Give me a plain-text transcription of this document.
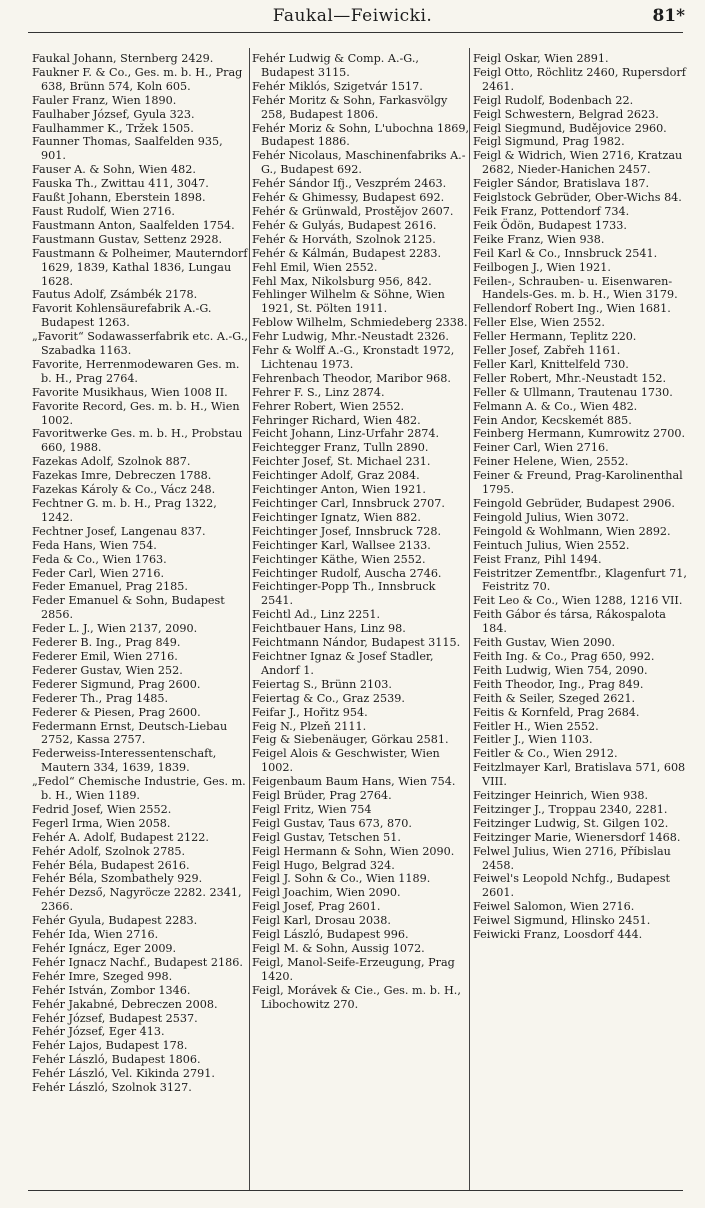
Faukal—Feiwicki.	81*

Faukal Johann, Sternberg 2429.

Faukner F. & Co., Ges. m. b. H., Prag 638, Brünn 574, Koln 605.

Fauler Franz, Wien 1890.

Faulhaber József, Gyula 323.

Faulhammer K., Tržek 1505.

Faunner Thomas, Saalfelden 935, 901.

Fauser A. & Sohn, Wien 482.

Fauska Th., Zwittau 411, 3047.

Faußt Johann, Eberstein 1898.

Faust Rudolf, Wien 2716.

Faustmann Anton, Saalfelden 1754.

Faustmann Gustav, Settenz 2928.

Faustmann & Polheimer, Mauterndorf 1629, 1839, Kathal 1836, Lungau 1628.

Fautus Adolf, Zsámbék 2178.

Favorit Kohlensäurefabrik A.-G. Budapest 1263.

„Favorit“ Sodawasserfabrik etc. A.-G., Szabadka 1163.

Favorite, Herrenmodewaren Ges. m. b. H., Prag 2764.

Favorite Musikhaus, Wien 1008 II.

Favorite Record, Ges. m. b. H., Wien 1002.

Favoritwerke Ges. m. b. H., Probstau 660, 1988.

Fazekas Adolf, Szolnok 887.

Fazekas Imre, Debreczen 1788.

Fazekas Károly & Co., Vácz 248.

Fechtner G. m. b. H., Prag 1322, 1242.

Fechtner Josef, Langenau 837.

Feda Hans, Wien 754.

Feda & Co., Wien 1763.

Feder Carl, Wien 2716.

Feder Emanuel, Prag 2185.

Feder Emanuel & Sohn, Budapest 2856.

Feder L. J., Wien 2137, 2090.

Federer B. Ing., Prag 849.

Federer Emil, Wien 2716.

Federer Gustav, Wien 252.

Federer Sigmund, Prag 2600.

Federer Th., Prag 1485.

Federer & Piesen, Prag 2600.

Federmann Ernst, Deutsch-Liebau 2752, Kassa 2757.

Federweiss-Interessentenschaft, Mautern 334, 1639, 1839.

„Fedol“ Chemische Industrie, Ges. m. b. H., Wien 1189.

Fedrid Josef, Wien 2552.

Fegerl Irma, Wien 2058.

Fehér A. Adolf, Budapest 2122.

Fehér Adolf, Szolnok 2785.

Fehér Béla, Budapest 2616.

Fehér Béla, Szombathely 929.

Fehér Dezső, Nagyröcze 2282. 2341, 2366.

Fehér Gyula, Budapest 2283.

Fehér Ida, Wien 2716.

Fehér Ignácz, Eger 2009.

Fehér Ignacz Nachf., Budapest 2186.

Fehér Imre, Szeged 998.

Fehér István, Zombor 1346.

Fehér Jakabné, Debreczen 2008.

Fehér József, Budapest 2537.

Fehér József, Eger 413.

Fehér Lajos, Budapest 178.

Fehér László, Budapest 1806.

Fehér László, Vel. Kikinda 2791.

Fehér László, Szolnok 3127.

Fehér Ludwig & Comp. A.-G., Budapest 3115.

Fehér Miklós, Szigetvár 1517.

Fehér Moritz & Sohn, Farkasvölgy 258, Budapest 1806.

Fehér Moriz & Sohn, L'ubochna 1869, Budapest 1886.

Fehér Nicolaus, Maschinenfabriks A.-G., Budapest 692.

Fehér Sándor Ifj., Veszprém 2463.

Fehér & Ghimessy, Budapest 692.

Fehér & Grünwald, Prostějov 2607.

Fehér & Gulyás, Budapest 2616.

Fehér & Horváth, Szolnok 2125.

Fehér & Kálmán, Budapest 2283.

Fehl Emil, Wien 2552.

Fehl Max, Nikolsburg 956, 842.

Fehlinger Wilhelm & Söhne, Wien 1921, St. Pölten 1911.

Feblow Wilhelm, Schmiedeberg 2338.

Fehr Ludwig, Mhr.-Neustadt 2326.

Fehr & Wolff A.-G., Kronstadt 1972, Lichtenau 1973.

Fehrenbach Theodor, Maribor 968.

Fehrer F. S., Linz 2874.

Fehrer Robert, Wien 2552.

Fehringer Richard, Wien 482.

Feicht Johann, Linz-Urfahr 2874.

Feichtegger Franz, Tulln 2890.

Feichter Josef, St. Michael 231.

Feichtinger Adolf, Graz 2084.

Feichtinger Anton, Wien 1921.

Feichtinger Carl, Innsbruck 2707.

Feichtinger Ignatz, Wien 882.

Feichtinger Josef, Innsbruck 728.

Feichtinger Karl, Wallsee 2133.

Feichtinger Käthe, Wien 2552.

Feichtinger Rudolf, Auscha 2746.

Feichtinger-Popp Th., Innsbruck 2541.

Feichtl Ad., Linz 2251.

Feichtbauer Hans, Linz 98.

Feichtmann Nándor, Budapest 3115.

Feichtner Ignaz & Josef Stadler, Andorf 1.

Feiertag S., Brünn 2103.

Feiertag & Co., Graz 2539.

Feifar J., Hořitz 954.

Feig N., Plzeň 2111.

Feig & Siebenäuger, Görkau 2581.

Feigel Alois & Geschwister, Wien 1002.

Feigenbaum Baum Hans, Wien 754.

Feigl Brüder, Prag 2764.

Feigl Fritz, Wien 754

Feigl Gustav, Taus 673, 870.

Feigl Gustav, Tetschen 51.

Feigl Hermann & Sohn, Wien 2090.

Feigl Hugo, Belgrad 324.

Feigl J. Sohn & Co., Wien 1189.

Feigl Joachim, Wien 2090.

Feigl Josef, Prag 2601.

Feigl Karl, Drosau 2038.

Feigl László, Budapest 996.

Feigl M. & Sohn, Aussig 1072.

Feigl, Manol-Seife-Erzeugung, Prag 1420.

Feigl, Morávek & Cie., Ges. m. b. H., Libochowitz 270.

Feigl Oskar, Wien 2891.

Feigl Otto, Röchlitz 2460, Rupersdorf 2461.

Feigl Rudolf, Bodenbach 22.

Feigl Schwestern, Belgrad 2623.

Feigl Siegmund, Budějovice 2960.

Feigl Sigmund, Prag 1982.

Feigl & Widrich, Wien 2716, Kratzau 2682, Nieder-Hanichen 2457.

Feigler Sándor, Bratislava 187.

Feiglstock Gebrüder, Ober-Wichs 84.

Feik Franz, Pottendorf 734.

Feik Ödön, Budapest 1733.

Feike Franz, Wien 938.

Feil Karl & Co., Innsbruck 2541.

Feilbogen J., Wien 1921.

Feilen-, Schrauben- u. Eisenwaren-Handels-Ges. m. b. H., Wien 3179.

Fellendorf Robert Ing., Wien 1681.

Feller Else, Wien 2552.

Feller Hermann, Teplitz 220.

Feller Josef, Zabřeh 1161.

Feller Karl, Knittelfeld 730.

Feller Robert, Mhr.-Neustadt 152.

Feller & Ullmann, Trautenau 1730.

Felmann A. & Co., Wien 482.

Fein Andor, Kecskemét 885.

Feinberg Hermann, Kumrowitz 2700.

Feiner Carl, Wien 2716.

Feiner Helene, Wien, 2552.

Feiner & Freund, Prag-Karolinenthal 1795.

Feingold Gebrüder, Budapest 2906.

Feingold Julius, Wien 3072.

Feingold & Wohlmann, Wien 2892.

Feintuch Julius, Wien 2552.

Feist Franz, Pihl 1494.

Feistritzer Zementfbr., Klagenfurt 71, Feistritz 70.

Feit Leo & Co., Wien 1288, 1216 VII.

Feith Gábor és társa, Rákospalota 184.

Feith Gustav, Wien 2090.

Feith Ing. & Co., Prag 650, 992.

Feith Ludwig, Wien 754, 2090.

Feith Theodor, Ing., Prag 849.

Feith & Seiler, Szeged 2621.

Feitis & Kornfeld, Prag 2684.

Feitler H., Wien 2552.

Feitler J., Wien 1103.

Feitler & Co., Wien 2912.

Feitzlmayer Karl, Bratislava 571, 608 VIII.

Feitzinger Heinrich, Wien 938.

Feitzinger J., Troppau 2340, 2281.

Feitzinger Ludwig, St. Gilgen 102.

Feitzinger Marie, Wienersdorf 1468.

Felwel Julius, Wien 2716, Příbislau 2458.

Feiwel's Leopold Nchfg., Budapest 2601.

Feiwel Salomon, Wien 2716.

Feiwel Sigmund, Hlinsko 2451.

Feiwicki Franz, Loosdorf 444.
